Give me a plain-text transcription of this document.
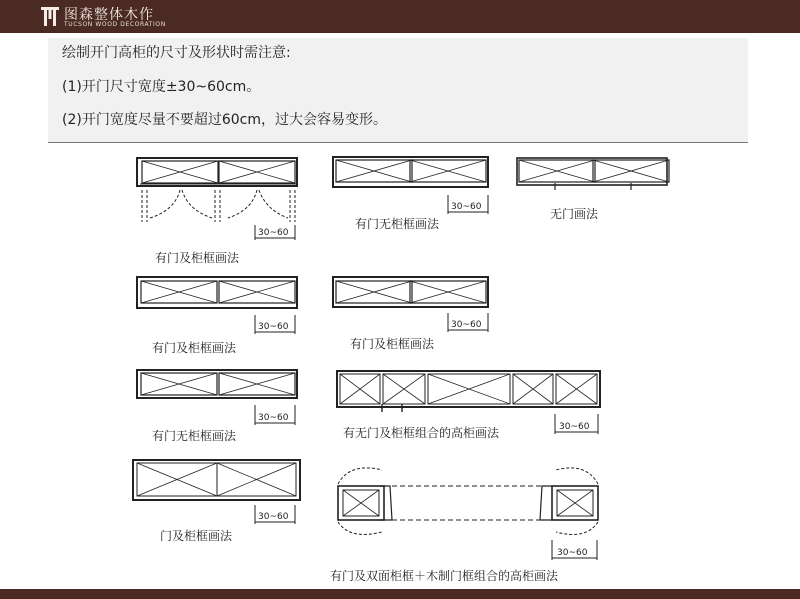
图森整体木作
TUCSON WOOD DECORATION
绘制开门高柜的尺寸及形状时需注意:
(1)开门尺寸宽度±30~60cm。
(2)开门宽度尽量不要超过60cm，过大会容易变形。
30~60
有门及柜框画法
30~60
有门无柜框画法
无门画法
30~60
有门及柜框画法
30~60
有门及柜框画法
30~60
有门无柜框画法
30~60
有无门及柜框组合的高柜画法
30~60
门及柜框画法
30~60
有门及双面柜框＋木制门框组合的高柜画法
